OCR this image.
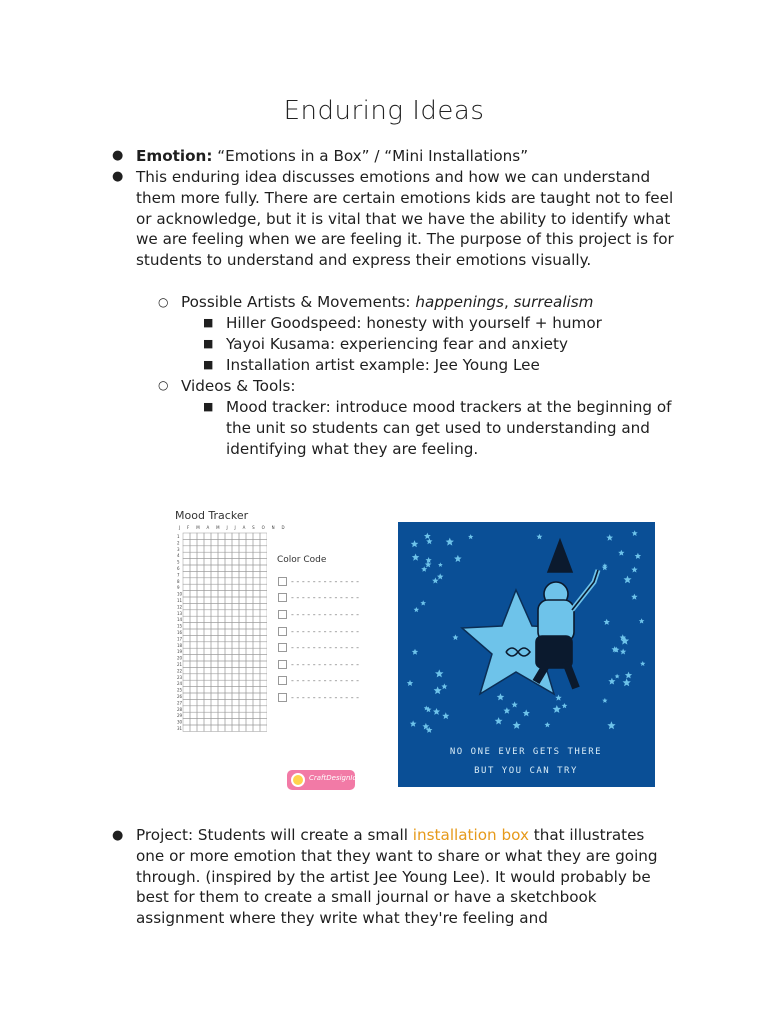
Enduring Ideas
● Emotion: “Emotions in a Box” / “Mini Installations”
● This enduring idea discusses emotions and how we can understand them more fully. There are certain emotions kids are taught not to feel or acknowledge, but it is vital that we have the ability to identify what we are feeling when we are feeling it. The purpose of this project is for students to understand and express their emotions visually.
○ Possible Artists & Movements: happenings, surrealism
■ Hiller Goodspeed: honesty with yourself + humor
■ Yayoi Kusama: experiencing fear and anxiety
■ Installation artist example: Jee Young Lee
○ Videos & Tools:
■ Mood tracker: introduce mood trackers at the beginning of the unit so students can get used to understanding and identifying what they are feeling.
Mood Tracker
J F M A M J J A S O N D
1
2
3
4
5
6
7
8
9
10
11
12
13
14
15
16
17
18
19
20
21
22
23
24
25
26
27
28
29
30
31
Color Code
- - - - - - - - - - - - -
- - - - - - - - - - - - -
- - - - - - - - - - - - -
- - - - - - - - - - - - -
- - - - - - - - - - - - -
- - - - - - - - - - - - -
- - - - - - - - - - - - -
- - - - - - - - - - - - -
CraftDesignIdeas
NO ONE EVER GETS THERE
BUT YOU CAN TRY
● Project: Students will create a small installation box that illustrates one or more emotion that they want to share or what they are going through. (inspired by the artist Jee Young Lee). It would probably be best for them to create a small journal or have a sketchbook assignment where they write what they're feeling and
